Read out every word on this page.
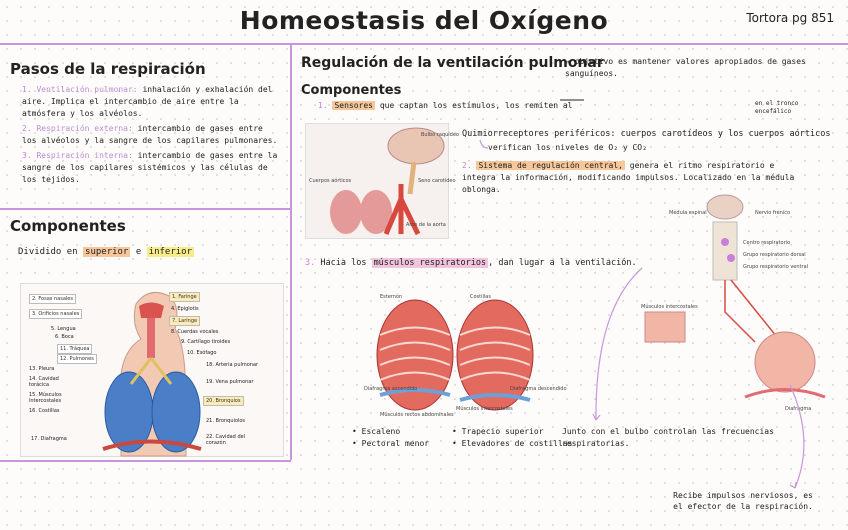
Homeostasis del Oxígeno	Tortora pg 851
Pasos de la respiración
1. Ventilación pulmonar: inhalación y exhalación del aire. Implica el intercambio de aire entre la atmósfera y los alvéolos.
2. Respiración externa: intercambio de gases entre los alvéolos y la sangre de los capilares pulmonares.
3. Respiración interna: intercambio de gases entre la sangre de los capilares sistémicos y las células de los tejidos.
Componentes
Dividido en superior e inferior
2. Fosas nasales
3. Orificios nasales
5. Lengua
6. Boca
11. Tráquea
12. Pulmones
13. Pleura
14. Cavidad torácica
15. Músculos intercostales
16. Costillas
17. Diafragma
1. Faringe
4. Epiglotis
7. Laringe
8. Cuerdas vocales
9. Cartílago tiroides
10. Esófago
18. Arteria pulmonar
19. Vena pulmonar
20. Bronquios
21. Bronquiolos
22. Cavidad del corazón
Regulación de la ventilación pulmonar
→ objetivo es mantener valores apropiados de gases sanguíneos.
Componentes
1. Sensores que captan los estímulos, los remiten al	en el tronco encefálico
Bulbo raquídeo
Seno carotídeo
Cuerpos aórticos
Arco de la aorta
Quimiorreceptores periféricos: cuerpos carotídeos y los cuerpos aórticos
verifican los niveles de O₂ y CO₂
2. Sistema de regulación central, genera el ritmo respiratorio e integra la información, modificando impulsos. Localizado en la médula oblonga.
3. Hacia los músculos respiratorios , dan lugar a la ventilación.
Esternón	Costillas
Diafragma ascendido	Diafragma descendido
Músculos rectos abdominales
Músculos intercostales
• Escaleno
• Pectoral menor
• Trapecio superior
• Elevadores de costillas
Junto con el bulbo controlan las frecuencias respiratorias.
Médula espinal	Nervio frénico
Centro respiratorio
Grupo respiratorio dorsal
Grupo respiratorio ventral
Músculos intercostales
Diafragma
Recibe impulsos nerviosos, es el efector de la respiración.
